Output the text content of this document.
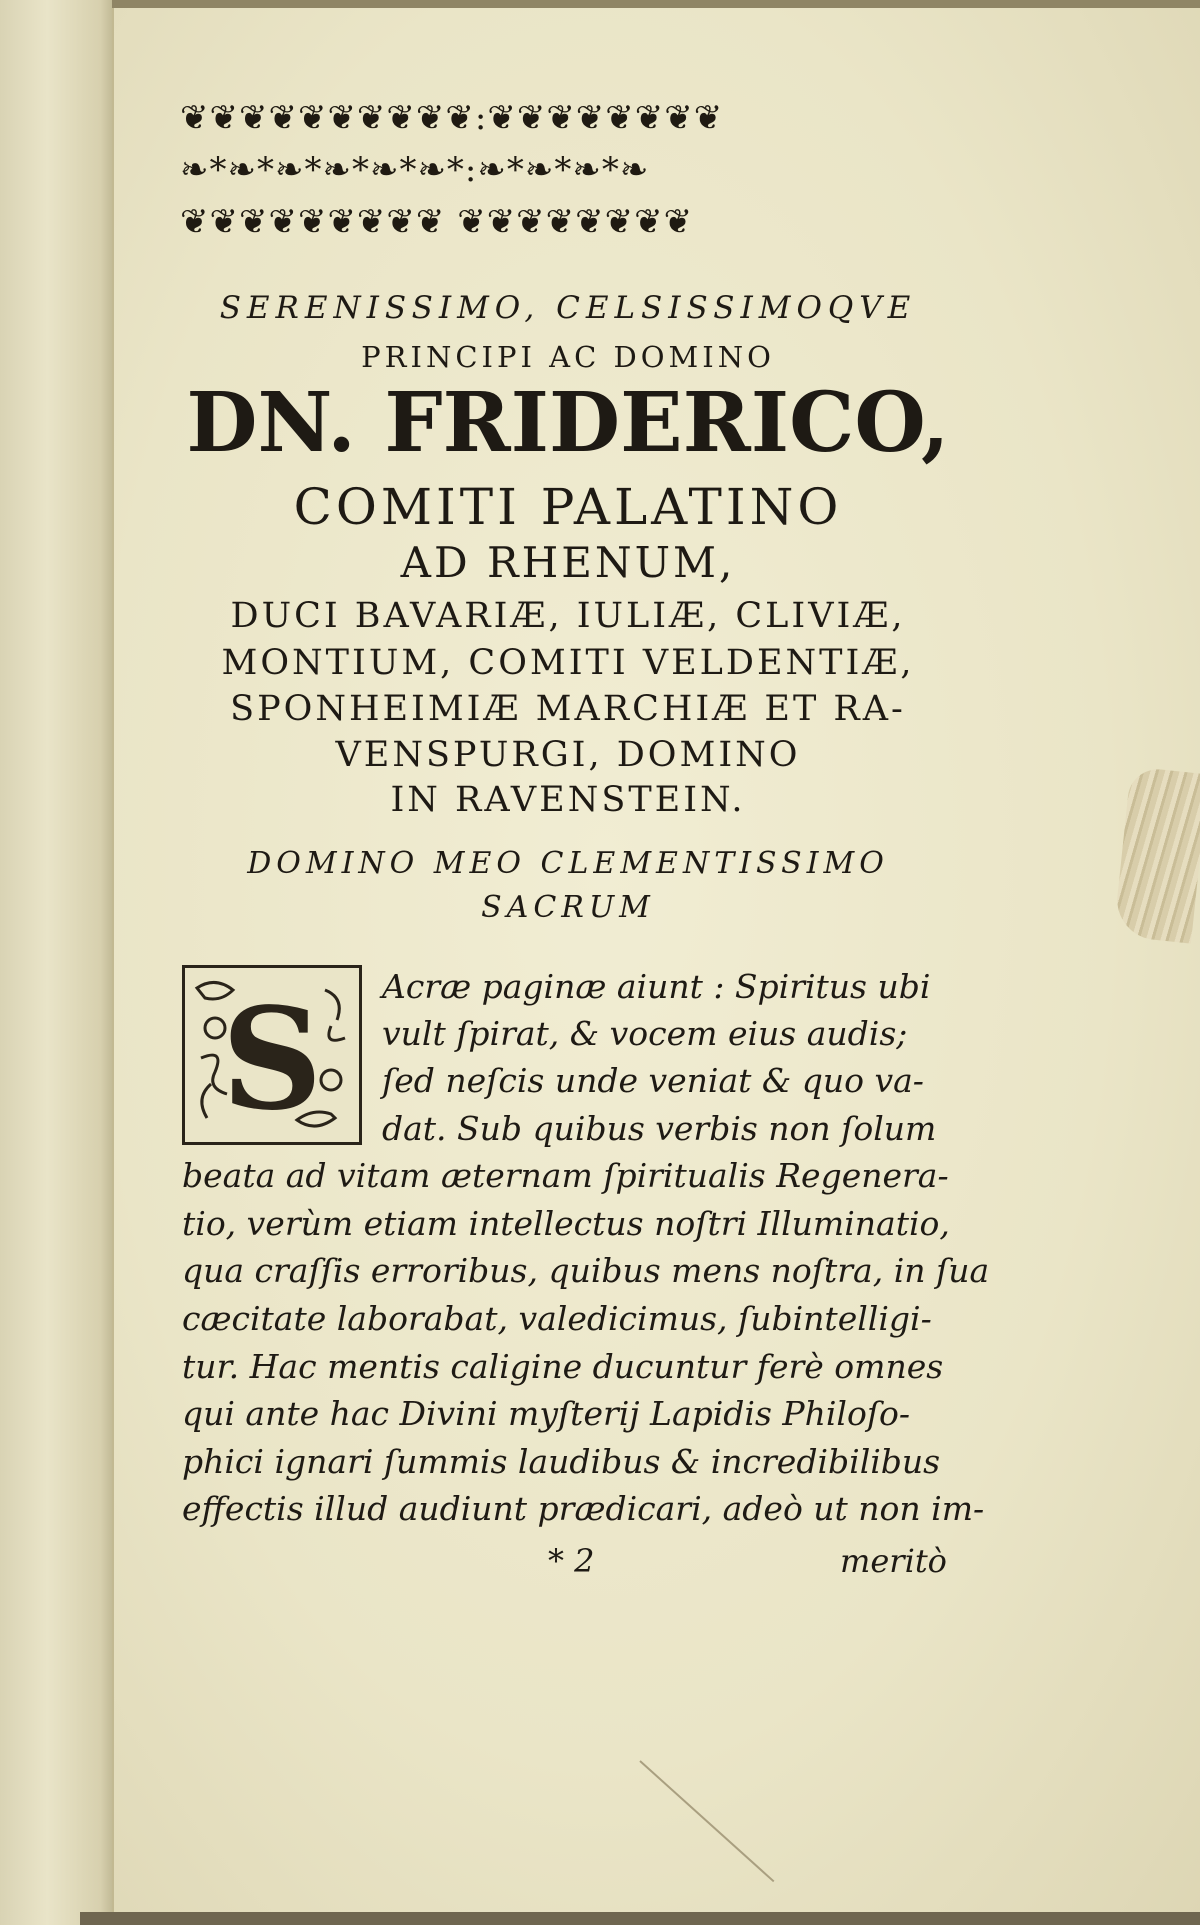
❦❦❦❦❦❦❦❦❦❦:❦❦❦❦❦❦❦❦
❧*❧*❧*❧*❧*❧*:❧*❧*❧*❧
❦❦❦❦❦❦❦❦❦ ❦❦❦❦❦❦❦❦
SERENISSIMO, CELSISSIMOQVE
PRINCIPI AC DOMINO
DN. FRIDERICO,
COMITI PALATINO
AD RHENUM,
DUCI BAVARIÆ, IULIÆ, CLIVIÆ,
MONTIUM, COMITI VELDENTIÆ,
SPONHEIMIÆ MARCHIÆ ET RA-
VENSPURGI, DOMINO
IN RAVENSTEIN.
DOMINO MEO CLEMENTISSIMO
SACRUM
S Acræ paginæ aiunt : Spiritus ubi
vult ſpirat, & vocem eius audis;
ſed neſcis unde veniat & quo va-
dat. Sub quibus verbis non ſolum
beata ad vitam æternam ſpiritualis Regenera-
tio, verùm etiam intellectus noſtri Illuminatio,
qua craſſis erroribus, quibus mens noſtra, in ſua
cæcitate laborabat, valedicimus, ſubintelligi-
tur. Hac mentis caligine ducuntur ferè omnes
qui ante hac Divini myſterij Lapidis Philoſo-
phici ignari ſummis laudibus & incredibilibus
effectis illud audiunt prædicari, adeò ut non im-
* 2	meritò
